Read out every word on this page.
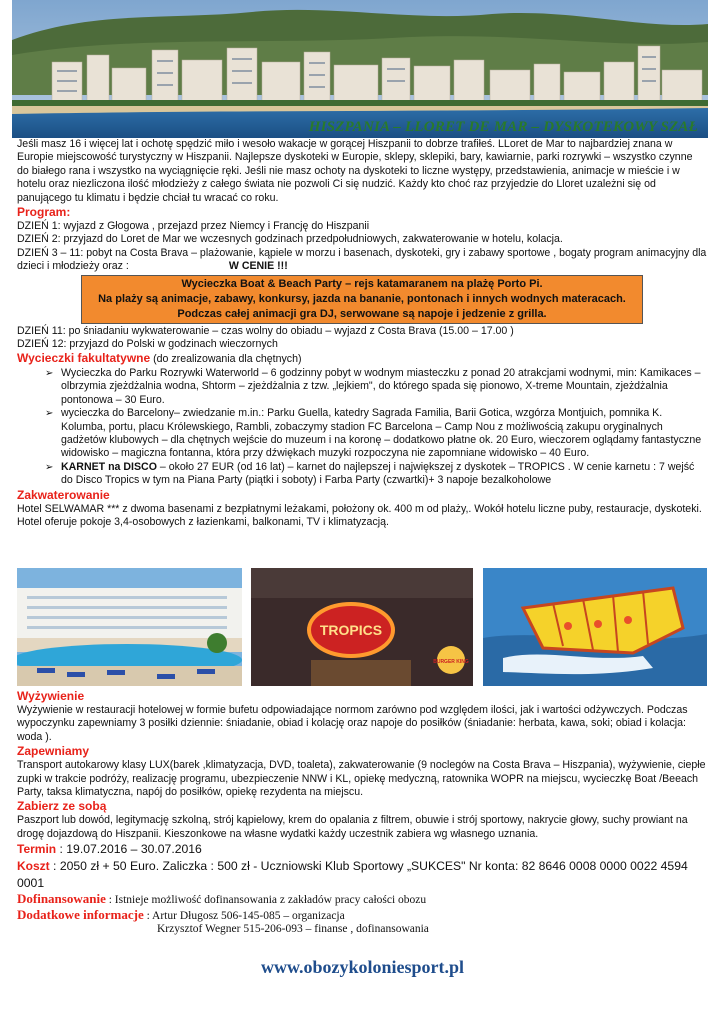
HISZPANIA – LLORET DE MAR – DYSKOTEKOWY SZAŁ

Jeśli masz 16 i więcej lat i ochotę spędzić miło i wesoło wakacje w gorącej Hiszpanii to dobrze trafiłeś. LLoret de Mar to najbardziej znana w Europie miejscowość turystyczny w Hiszpanii. Najlepsze dyskoteki w Europie, sklepy, sklepiki, bary, kawiarnie, parki rozrywki – wszystko czynne do białego rana i wszystko na wyciągnięcie ręki. Jeśli nie masz ochoty na dyskoteki to liczne występy, przedstawienia, animacje w mieście i w hotelu oraz niezliczona ilość młodzieży z całego świata nie pozwoli Ci się nudzić. Każdy kto choć raz przyjedzie do Lloret uzależni się od panującego tu klimatu i będzie chciał tu wracać co roku.

Program:

DZIEŃ 1: wyjazd z Głogowa , przejazd przez Niemcy i Francję do Hiszpanii

DZIEŃ 2: przyjazd do Loret de Mar we wczesnych godzinach przedpołudniowych, zakwaterowanie w hotelu, kolacja.

DZIEŃ 3 – 11: pobyt na Costa Brava – plażowanie, kąpiele w morzu i basenach, dyskoteki, gry i zabawy sportowe , bogaty program animacyjny dla dzieci i młodzieży oraz :	W CENIE !!!

Wycieczka Boat & Beach Party – rejs katamaranem na plażę Porto Pi.
Na plaży są animacje, zabawy, konkursy, jazda na bananie, pontonach i innych wodnych materacach.
Podczas całej animacji gra DJ, serwowane są napoje i jedzenie z grilla.

DZIEŃ 11: po śniadaniu wykwaterowanie – czas wolny do obiadu – wyjazd z Costa Brava (15.00 – 17.00 )

DZIEŃ 12: przyjazd do Polski w godzinach wieczornych

Wycieczki fakultatywne (do zrealizowania dla chętnych)

➢ Wycieczka do Parku Rozrywki Waterworld – 6 godzinny pobyt w wodnym miasteczku z ponad 20 atrakcjami wodnymi, min: Kamikaces – olbrzymia zjeżdżalnia wodna, Shtorm – zjeżdżalnia z tzw. „lejkiem", do którego spada się pionowo, X-treme Mountain, zjeżdżalnia pontonowa – 30 Euro.
➢ wycieczka do Barcelony– zwiedzanie m.in.: Parku Guella, katedry Sagrada Familia, Barii Gotica, wzgórza Montjuich, pomnika K. Kolumba, portu, placu Królewskiego, Rambli, zobaczymy stadion FC Barcelona – Camp Nou z możliwością zakupu oryginalnych gadżetów klubowych – dla chętnych wejście do muzeum i na koronę – dodatkowo płatne ok. 20 Euro, wieczorem oglądamy fantastyczne widowisko – magiczna fontanna, która przy dźwiękach muzyki rozpoczyna nie zapomniane widowisko – 40 Euro.
➢ KARNET na DISCO – około 27 EUR (od 16 lat) – karnet do najlepszej i największej z dyskotek – TROPICS . W cenie karnetu : 7 wejść do Disco Tropics w tym na Piana Party (piątki i soboty) i Farba Party (czwartki)+ 3 napoje bezalkoholowe

Zakwaterowanie

Hotel SELWAMAR *** z dwoma basenami z bezpłatnymi leżakami, położony ok. 400 m od plaży,. Wokół hotelu liczne puby, restauracje, dyskoteki. Hotel oferuje pokoje 3,4-osobowych z łazienkami, balkonami, TV i klimatyzacją.

TROPICS
BURGER KING

Wyżywienie

Wyżywienie w restauracji hotelowej w formie bufetu odpowiadające normom zarówno pod względem ilości, jak i wartości odżywczych. Podczas wypoczynku zapewniamy 3 posiłki dziennie: śniadanie, obiad i kolację oraz napoje do posiłków (śniadanie: herbata, kawa, soki; obiad i kolacja: woda ).

Zapewniamy

Transport autokarowy klasy LUX(barek ,klimatyzacja, DVD, toaleta), zakwaterowanie (9 noclegów na Costa Brava – Hiszpania), wyżywienie, ciepłe zupki w trakcie podróży, realizację programu, ubezpieczenie NNW i KL, opiekę medyczną, ratownika WOPR na miejscu, wycieczkę Boat /Beeach Party, taksa klimatyczna, napój do posiłków, opiekę rezydenta na miejscu.

Zabierz ze sobą

Paszport lub dowód, legitymację szkolną, strój kąpielowy, krem do opalania z filtrem, obuwie i strój sportowy, nakrycie głowy, suchy prowiant na drogę dojazdową do Hiszpanii. Kieszonkowe na własne wydatki każdy uczestnik zabiera wg własnego uznania.

Termin : 19.07.2016 – 30.07.2016

Koszt : 2050 zł + 50 Euro. Zaliczka : 500 zł - Uczniowski Klub Sportowy „SUKCES" Nr konta: 82 8646 0008 0000 0022 4594 0001

Dofinansowanie : Istnieje możliwość dofinansowania z zakładów pracy całości obozu

Dodatkowe informacje : Artur Długosz 506-145-085 – organizacja

Krzysztof Wegner 515-206-093 – finanse , dofinansowania

www.obozykoloniesport.pl
